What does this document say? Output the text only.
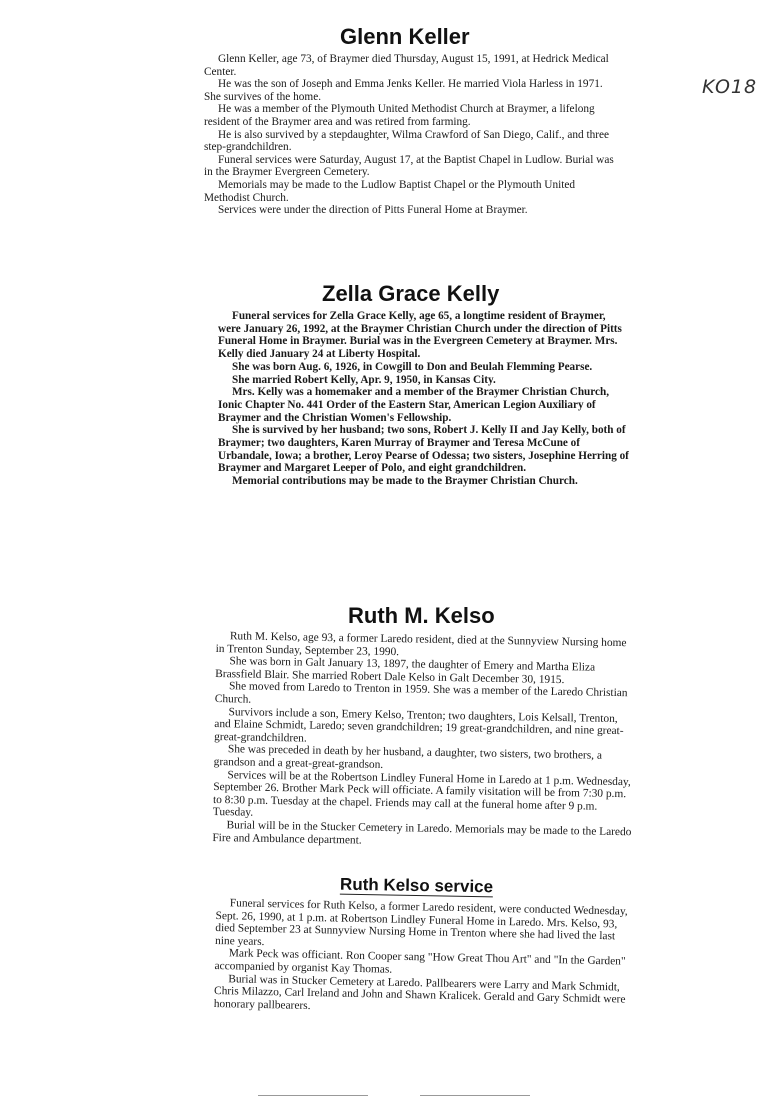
KO18
Glenn Keller

Glenn Keller, age 73, of Braymer died Thursday, August 15, 1991, at Hedrick Medical Center.

He was the son of Joseph and Emma Jenks Keller. He married Viola Harless in 1971. She survives of the home.

He was a member of the Plymouth United Methodist Church at Braymer, a lifelong resident of the Braymer area and was retired from farming.

He is also survived by a stepdaughter, Wilma Crawford of San Diego, Calif., and three step-grandchildren.

Funeral services were Saturday, August 17, at the Baptist Chapel in Ludlow. Burial was in the Braymer Evergreen Cemetery.

Memorials may be made to the Ludlow Baptist Chapel or the Plymouth United Methodist Church.

Services were under the direction of Pitts Funeral Home at Braymer.

Zella Grace Kelly

Funeral services for Zella Grace Kelly, age 65, a longtime resident of Braymer, were January 26, 1992, at the Braymer Christian Church under the direction of Pitts Funeral Home in Braymer. Burial was in the Evergreen Cemetery at Braymer. Mrs. Kelly died January 24 at Liberty Hospital.

She was born Aug. 6, 1926, in Cowgill to Don and Beulah Flemming Pearse.

She married Robert Kelly, Apr. 9, 1950, in Kansas City.

Mrs. Kelly was a homemaker and a member of the Braymer Christian Church, Ionic Chapter No. 441 Order of the Eastern Star, American Legion Auxiliary of Braymer and the Christian Women's Fellowship.

She is survived by her husband; two sons, Robert J. Kelly II and Jay Kelly, both of Braymer; two daughters, Karen Murray of Braymer and Teresa McCune of Urbandale, Iowa; a brother, Leroy Pearse of Odessa; two sisters, Josephine Herring of Braymer and Margaret Leeper of Polo, and eight grandchildren.

Memorial contributions may be made to the Braymer Christian Church.

Ruth M. Kelso

Ruth M. Kelso, age 93, a former Laredo resident, died at the Sunnyview Nursing home in Trenton Sunday, September 23, 1990.

She was born in Galt January 13, 1897, the daughter of Emery and Martha Eliza Brassfield Blair. She married Robert Dale Kelso in Galt December 30, 1915.

She moved from Laredo to Trenton in 1959. She was a member of the Laredo Christian Church.

Survivors include a son, Emery Kelso, Trenton; two daughters, Lois Kelsall, Trenton, and Elaine Schmidt, Laredo; seven grandchildren; 19 great-grandchildren, and nine great-great-grandchildren.

She was preceded in death by her husband, a daughter, two sisters, two brothers, a grandson and a great-great-grandson.

Services will be at the Robertson Lindley Funeral Home in Laredo at 1 p.m. Wednesday, September 26. Brother Mark Peck will officiate. A family visitation will be from 7:30 p.m. to 8:30 p.m. Tuesday at the chapel. Friends may call at the funeral home after 9 p.m. Tuesday.

Burial will be in the Stucker Cemetery in Laredo. Memorials may be made to the Laredo Fire and Ambulance department.

Ruth Kelso service

Funeral services for Ruth Kelso, a former Laredo resident, were conducted Wednesday, Sept. 26, 1990, at 1 p.m. at Robertson Lindley Funeral Home in Laredo. Mrs. Kelso, 93, died September 23 at Sunnyview Nursing Home in Trenton where she had lived the last nine years.

Mark Peck was officiant. Ron Cooper sang "How Great Thou Art" and "In the Garden" accompanied by organist Kay Thomas.

Burial was in Stucker Cemetery at Laredo. Pallbearers were Larry and Mark Schmidt, Chris Milazzo, Carl Ireland and John and Shawn Kralicek. Gerald and Gary Schmidt were honorary pallbearers.
